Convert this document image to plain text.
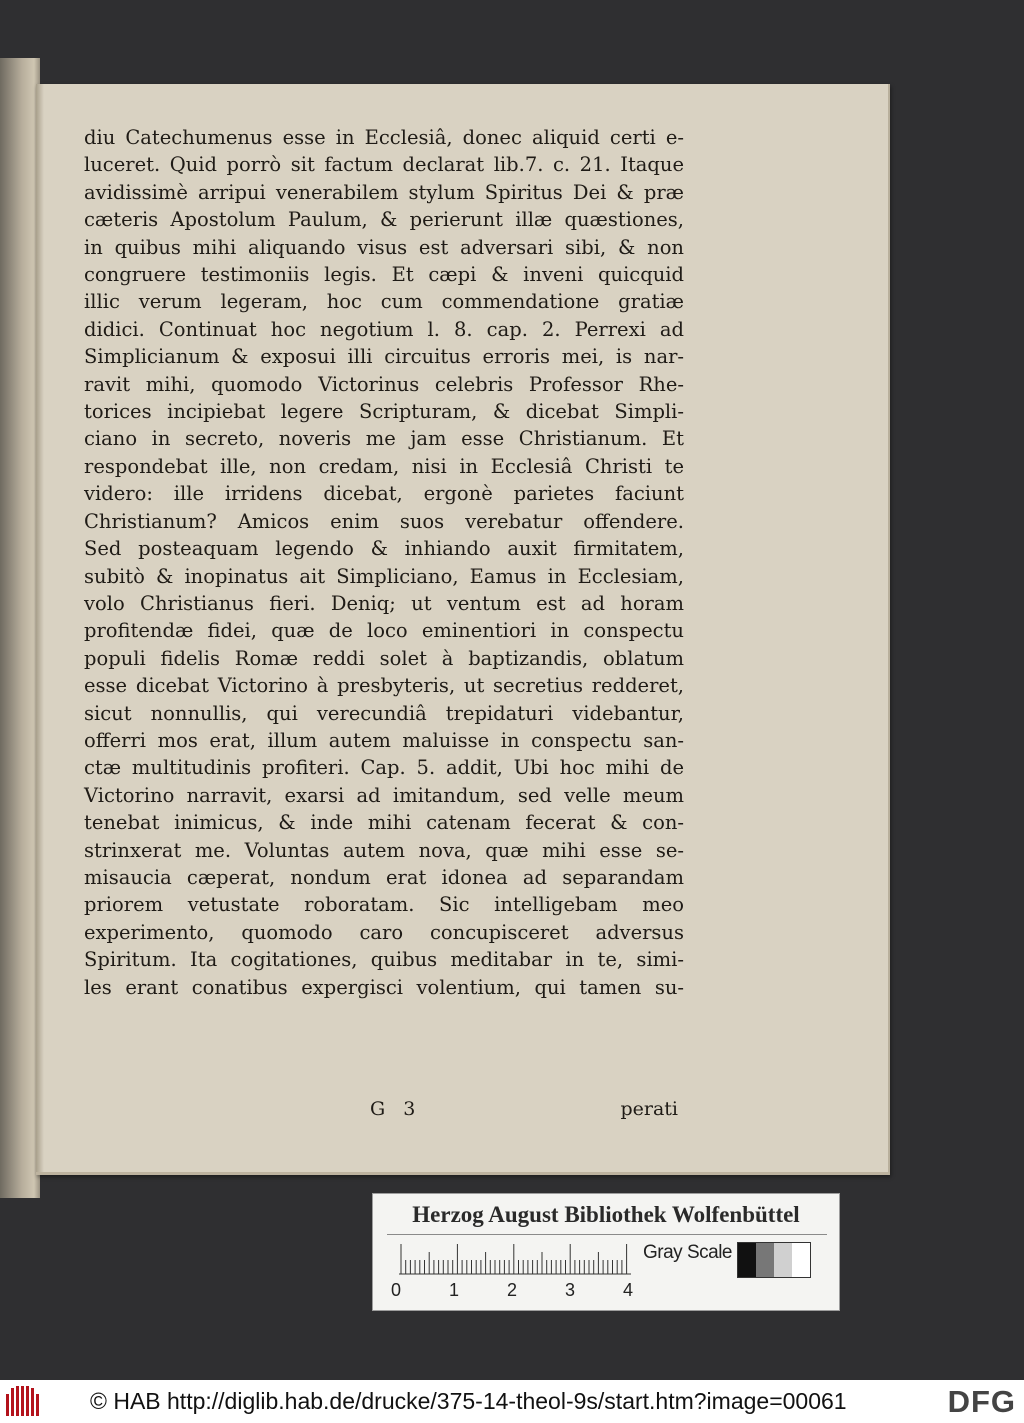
diu Catechumenus esse in Ecclesiâ, donec aliquid certi e-
luceret. Quid porrò sit factum declarat lib.7. c. 21. Itaque
avidissimè arripui venerabilem stylum Spiritus Dei & præ
cæteris Apostolum Paulum, & perierunt illæ quæstiones,
in quibus mihi aliquando visus est adversari sibi, & non
congruere testimoniis legis. Et cæpi & inveni quicquid
illic verum legeram, hoc cum commendatione gratiæ
didici. Continuat hoc negotium l. 8. cap. 2. Perrexi ad
Simplicianum & exposui illi circuitus erroris mei, is nar-
ravit mihi, quomodo Victorinus celebris Professor Rhe-
torices incipiebat legere Scripturam, & dicebat Simpli-
ciano in secreto, noveris me jam esse Christianum. Et
respondebat ille, non credam, nisi in Ecclesiâ Christi te
videro: ille irridens dicebat, ergonè parietes faciunt
Christianum? Amicos enim suos verebatur offendere.
Sed posteaquam legendo & inhiando auxit firmitatem,
subitò & inopinatus ait Simpliciano, Eamus in Ecclesiam,
volo Christianus fieri. Deniq; ut ventum est ad horam
profitendæ fidei, quæ de loco eminentiori in conspectu
populi fidelis Romæ reddi solet à baptizandis, oblatum
esse dicebat Victorino à presbyteris, ut secretius redderet,
sicut nonnullis, qui verecundiâ trepidaturi videbantur,
offerri mos erat, illum autem maluisse in conspectu san-
ctæ multitudinis profiteri. Cap. 5. addit, Ubi hoc mihi de
Victorino narravit, exarsi ad imitandum, sed velle meum
tenebat inimicus, & inde mihi catenam fecerat & con-
strinxerat me. Voluntas autem nova, quæ mihi esse se-
misaucia cæperat, nondum erat idonea ad separandam
priorem vetustate roboratam. Sic intelligebam meo
experimento, quomodo caro concupisceret adversus
Spiritum. Ita cogitationes, quibus meditabar in te, simi-
les erant conatibus expergisci volentium, qui tamen su-
G 3	perati
Herzog August Bibliothek Wolfenbüttel
0	1	2	3	4
Gray Scale
© HAB http://diglib.hab.de/drucke/375-14-theol-9s/start.htm?image=00061	DFG
